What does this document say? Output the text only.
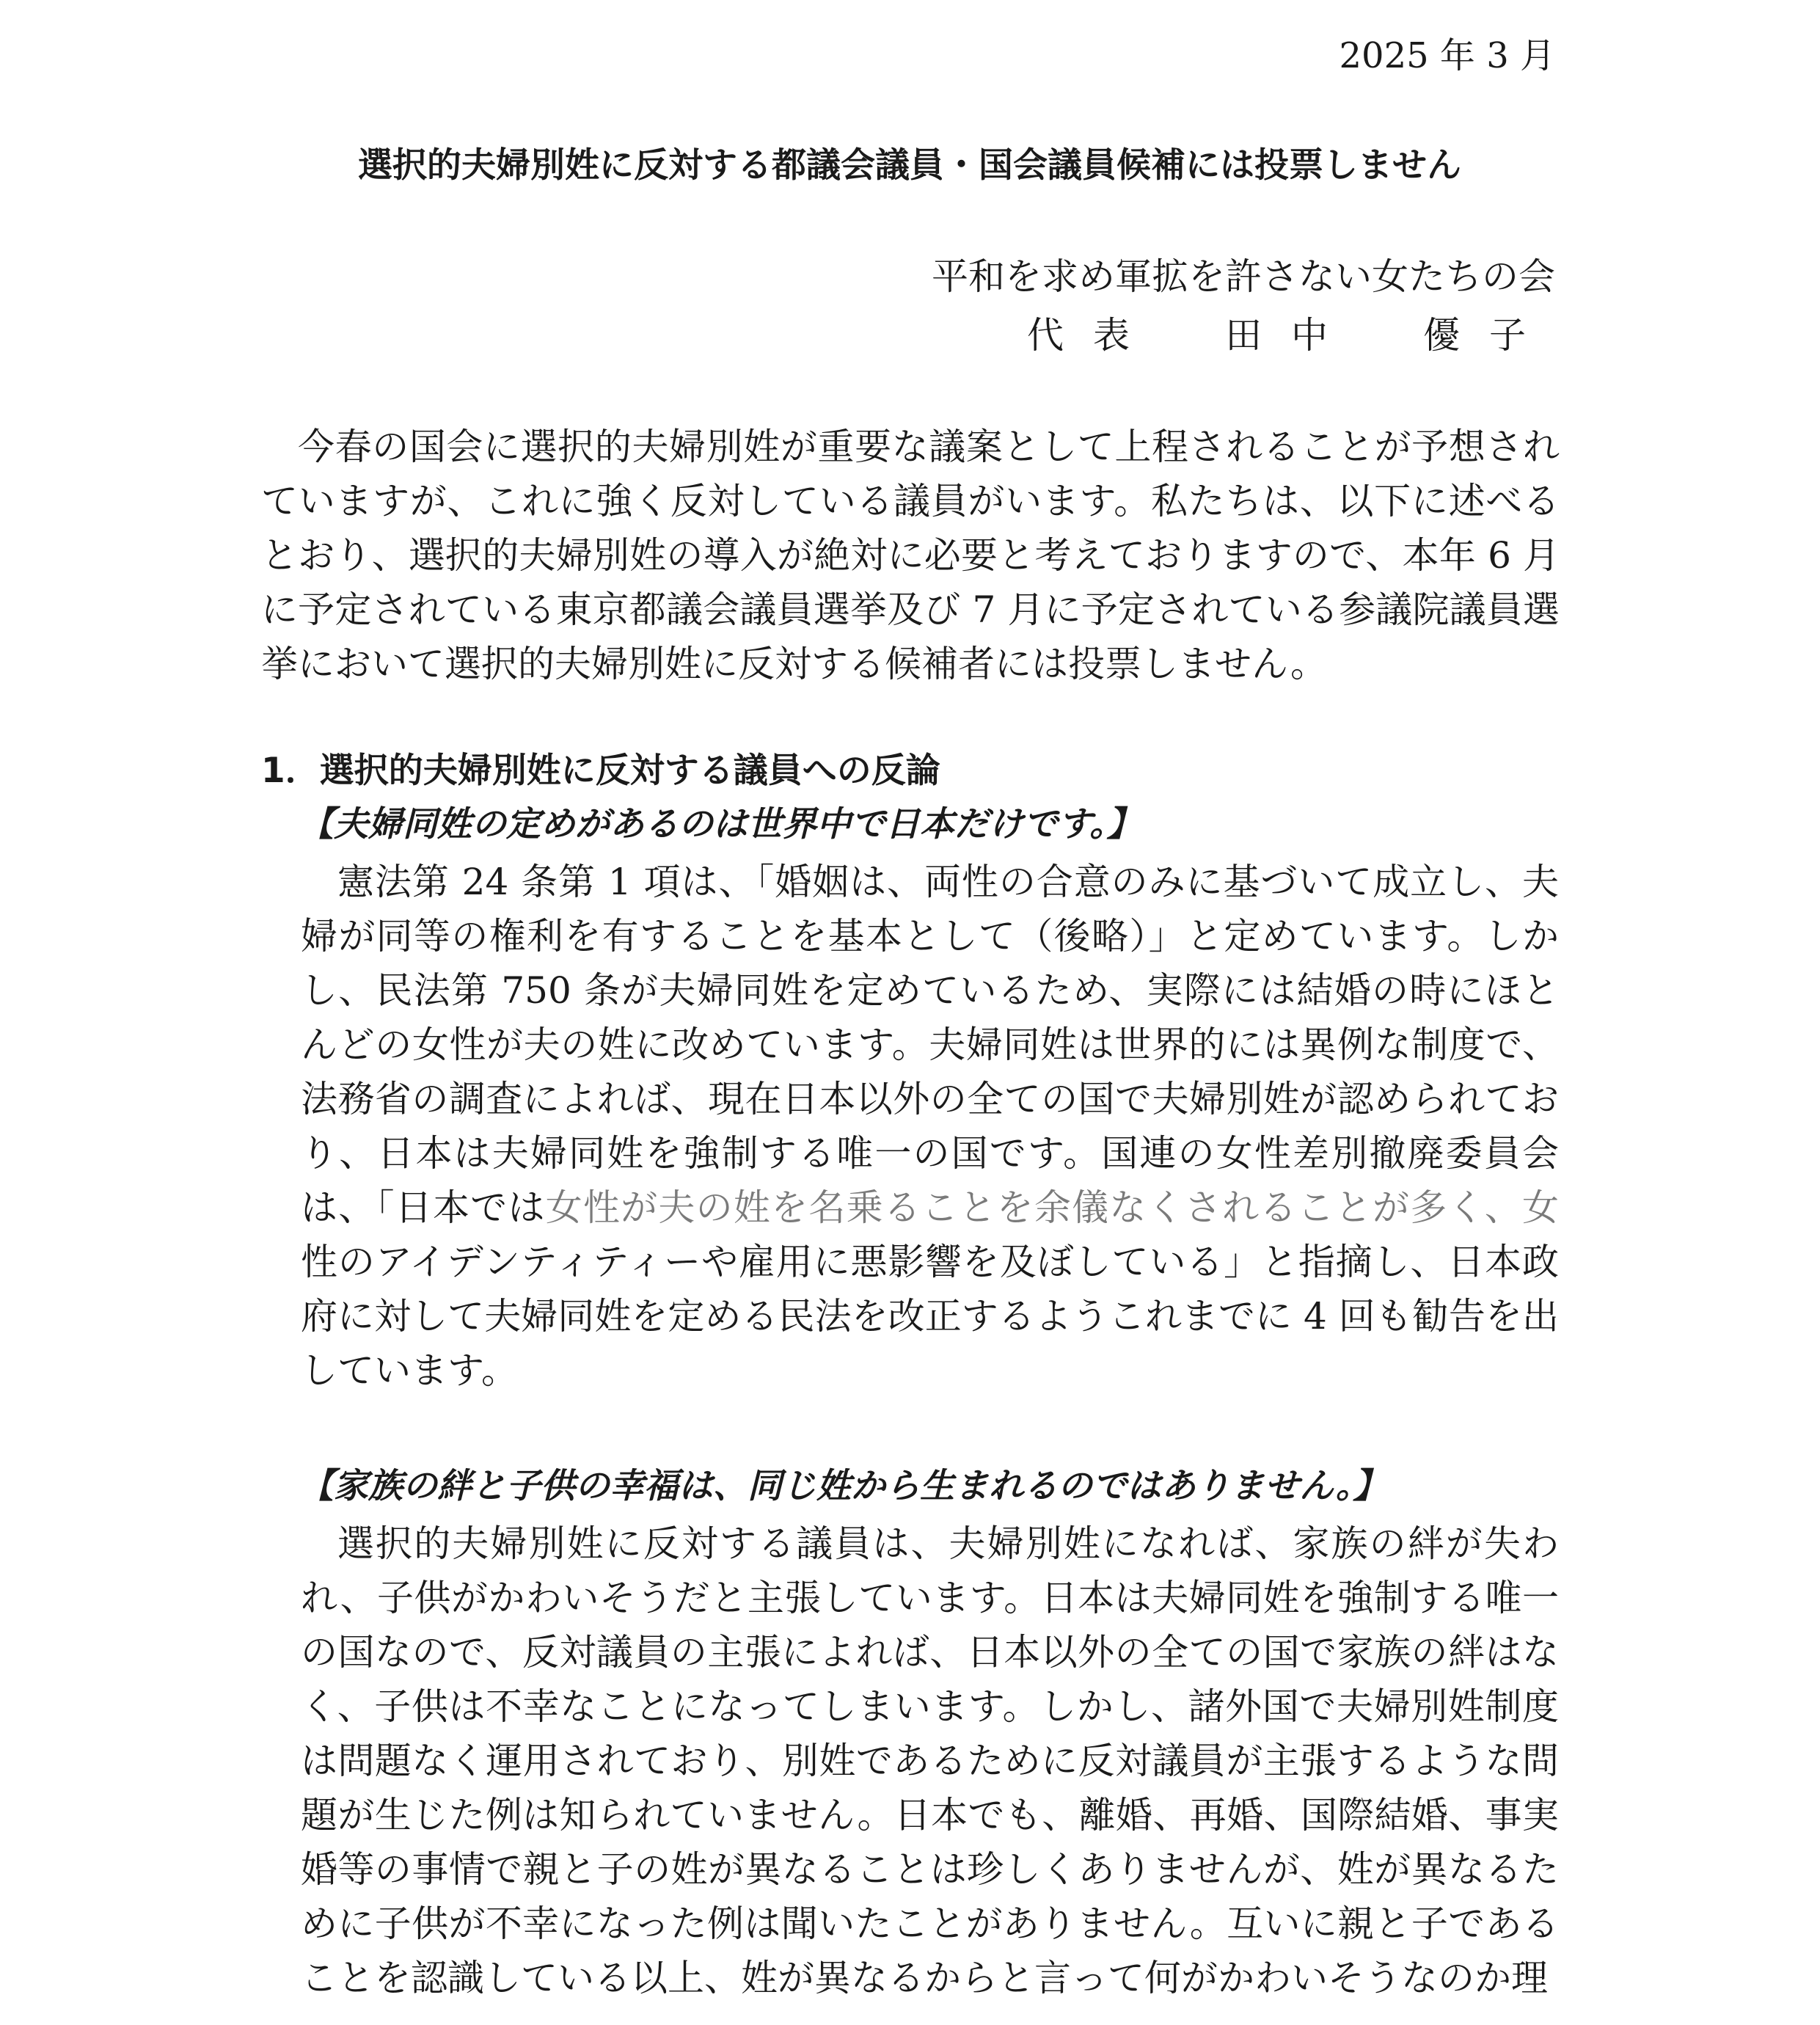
2025 年 3 月
選択的夫婦別姓に反対する都議会議員・国会議員候補には投票しません
平和を求め軍拡を許さない女たちの会
代表　田中　優子

今春の国会に選択的夫婦別姓が重要な議案として上程されることが予想されていますが、これに強く反対している議員がいます。私たちは、以下に述べるとおり、選択的夫婦別姓の導入が絶対に必要と考えておりますので、本年 6 月に予定されている東京都議会議員選挙及び 7 月に予定されている参議院議員選挙において選択的夫婦別姓に反対する候補者には投票しません。

1．選択的夫婦別姓に反対する議員への反論
【夫婦同姓の定めがあるのは世界中で日本だけです。】

憲法第 24 条第 1 項は、「婚姻は、両性の合意のみに基づいて成立し、夫婦が同等の権利を有することを基本として（後略）」と定めています。しかし、民法第 750 条が夫婦同姓を定めているため、実際には結婚の時にほとんどの女性が夫の姓に改めています。夫婦同姓は世界的には異例な制度で、法務省の調査によれば、現在日本以外の全ての国で夫婦別姓が認められており、日本は夫婦同姓を強制する唯一の国です。国連の女性差別撤廃委員会は、「日本では女性が夫の姓を名乗ることを余儀なくされることが多く、女性のアイデンティティーや雇用に悪影響を及ぼしている」と指摘し、日本政府に対して夫婦同姓を定める民法を改正するようこれまでに 4 回も勧告を出しています。

【家族の絆と子供の幸福は、同じ姓から生まれるのではありません。】

選択的夫婦別姓に反対する議員は、夫婦別姓になれば、家族の絆が失われ、子供がかわいそうだと主張しています。日本は夫婦同姓を強制する唯一の国なので、反対議員の主張によれば、日本以外の全ての国で家族の絆はなく、子供は不幸なことになってしまいます。しかし、諸外国で夫婦別姓制度は問題なく運用されており、別姓であるために反対議員が主張するような問題が生じた例は知られていません。日本でも、離婚、再婚、国際結婚、事実婚等の事情で親と子の姓が異なることは珍しくありませんが、姓が異なるために子供が不幸になった例は聞いたことがありません。互いに親と子であることを認識している以上、姓が異なるからと言って何がかわいそうなのか理
